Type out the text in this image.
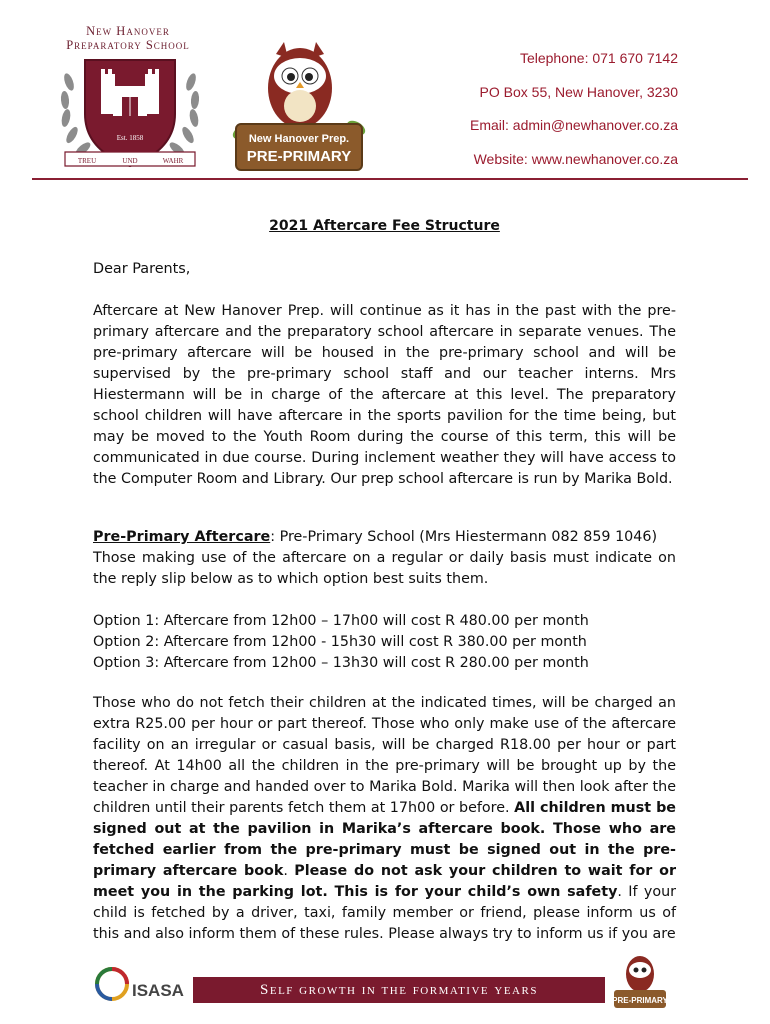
New Hanover
Preparatory School
Est. 1858
TREU	UND	WAHR
New Hanover Prep.
PRE-PRIMARY
Telephone: 071 670 7142
PO Box 55, New Hanover, 3230
Email: admin@newhanover.co.za
Website: www.newhanover.co.za
2021 Aftercare Fee Structure
Dear Parents,
Aftercare at New Hanover Prep. will continue as it has in the past with the pre-primary aftercare and the preparatory school aftercare in separate venues. The pre-primary aftercare will be housed in the pre-primary school and will be supervised by the pre-primary school staff and our teacher interns. Mrs Hiestermann will be in charge of the aftercare at this level. The preparatory school children will have aftercare in the sports pavilion for the time being, but may be moved to the Youth Room during the course of this term, this will be communicated in due course. During inclement weather they will have access to the Computer Room and Library. Our prep school aftercare is run by Marika Bold.
Pre-Primary Aftercare: Pre-Primary School (Mrs Hiestermann 082 859 1046)
Those making use of the aftercare on a regular or daily basis must indicate on the reply slip below as to which option best suits them.
Option 1: Aftercare from 12h00 – 17h00 will cost R 480.00 per month
Option 2: Aftercare from 12h00 - 15h30 will cost R 380.00 per month
Option 3: Aftercare from 12h00 – 13h30 will cost R 280.00 per month
Those who do not fetch their children at the indicated times, will be charged an extra R25.00 per hour or part thereof. Those who only make use of the aftercare facility on an irregular or casual basis, will be charged R18.00 per hour or part thereof. At 14h00 all the children in the pre-primary will be brought up by the teacher in charge and handed over to Marika Bold. Marika will then look after the children until their parents fetch them at 17h00 or before. All children must be signed out at the pavilion in Marika’s aftercare book. Those who are fetched earlier from the pre-primary must be signed out in the pre-primary aftercare book. Please do not ask your children to wait for or meet you in the parking lot. This is for your child’s own safety. If your child is fetched by a driver, taxi, family member or friend, please inform us of this and also inform them of these rules. Please always try to inform us if you are
ISASA	Self growth in the formative years
PRE-PRIMARY
